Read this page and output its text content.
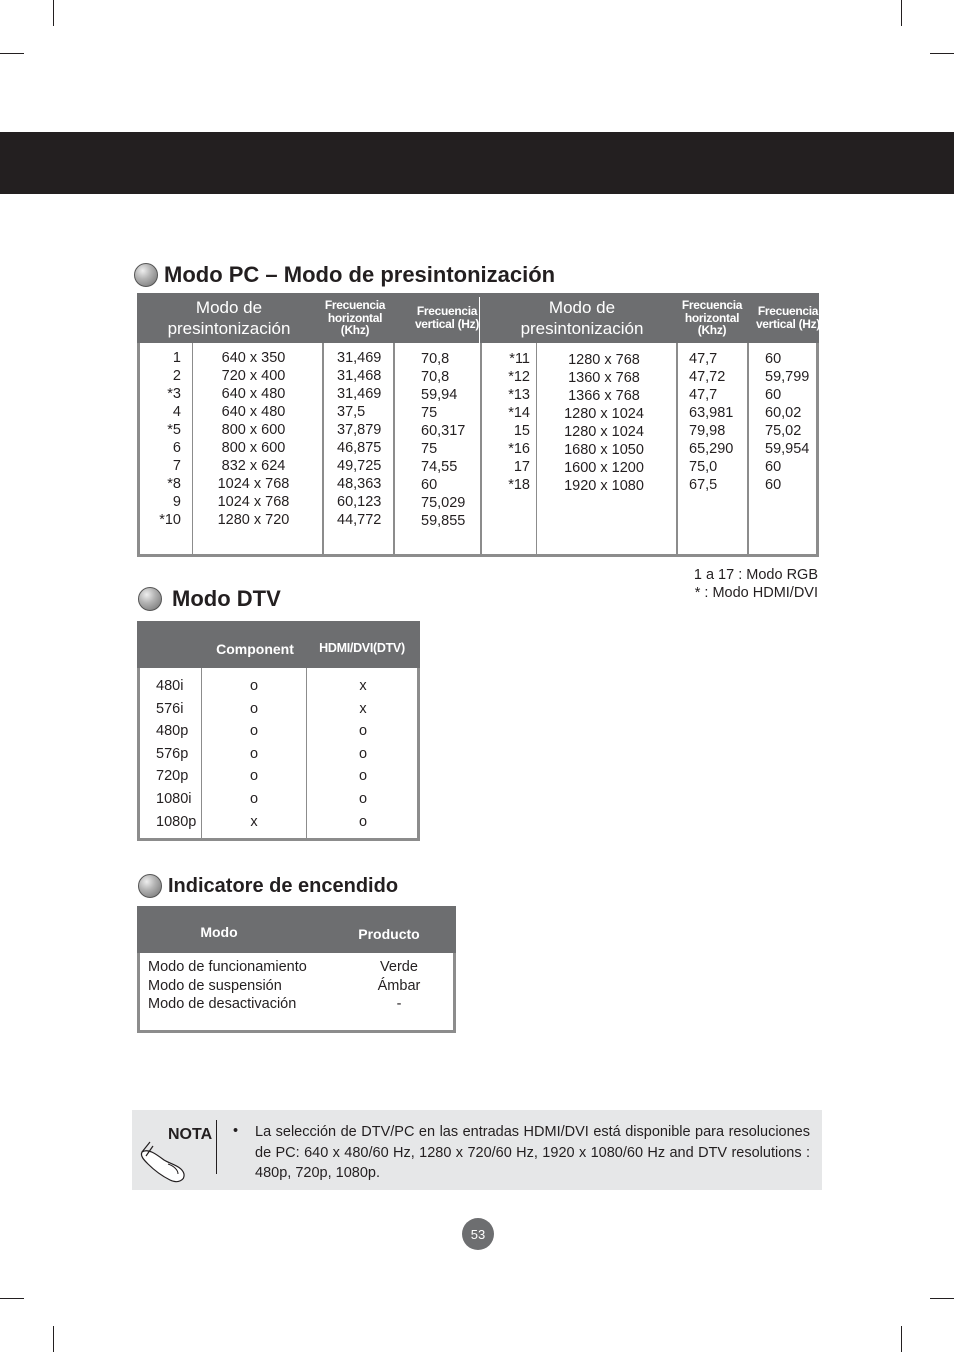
Modo PC – Modo de presintonización
Modo de presintonización
Frecuencia horizontal (Khz)
Frecuencia vertical (Hz)
Modo de presintonización
Frecuencia horizontal (Khz)
Frecuencia vertical (Hz)
1
2
*3
4
*5
6
7
*8
9
*10
640 x 350
720 x 400
640 x 480
640 x 480
800 x 600
800 x 600
832 x 624
1024 x 768
1024 x 768
1280 x 720
31,469
31,468
31,469
37,5
37,879
46,875
49,725
48,363
60,123
44,772
70,8
70,8
59,94
75
60,317
75
74,55
60
75,029
59,855
*11
*12
*13
*14
15
*16
17
*18
1280 x 768
1360 x 768
1366 x 768
1280 x 1024
1280 x 1024
1680 x 1050
1600 x 1200
1920 x 1080
47,7
47,72
47,7
63,981
79,98
65,290
75,0
67,5
60
59,799
60
60,02
75,02
59,954
60
60
1 a 17 : Modo RGB
* : Modo HDMI/DVI
Modo DTV
Component	HDMI/DVI(DTV)
480i
576i
480p
576p
720p
1080i
1080p
o
o
o
o
o
o
x
x
x
o
o
o
o
o
Indicatore de encendido
Modo	Producto
Modo de funcionamiento
Modo de suspensión
Modo de desactivación
Verde
Ámbar
-
NOTA • La selección de DTV/PC en las entradas HDMI/DVI está disponible para resoluciones de PC: 640 x 480/60 Hz, 1280 x 720/60 Hz, 1920 x 1080/60 Hz and DTV resolutions : 480p, 720p, 1080p.
53
